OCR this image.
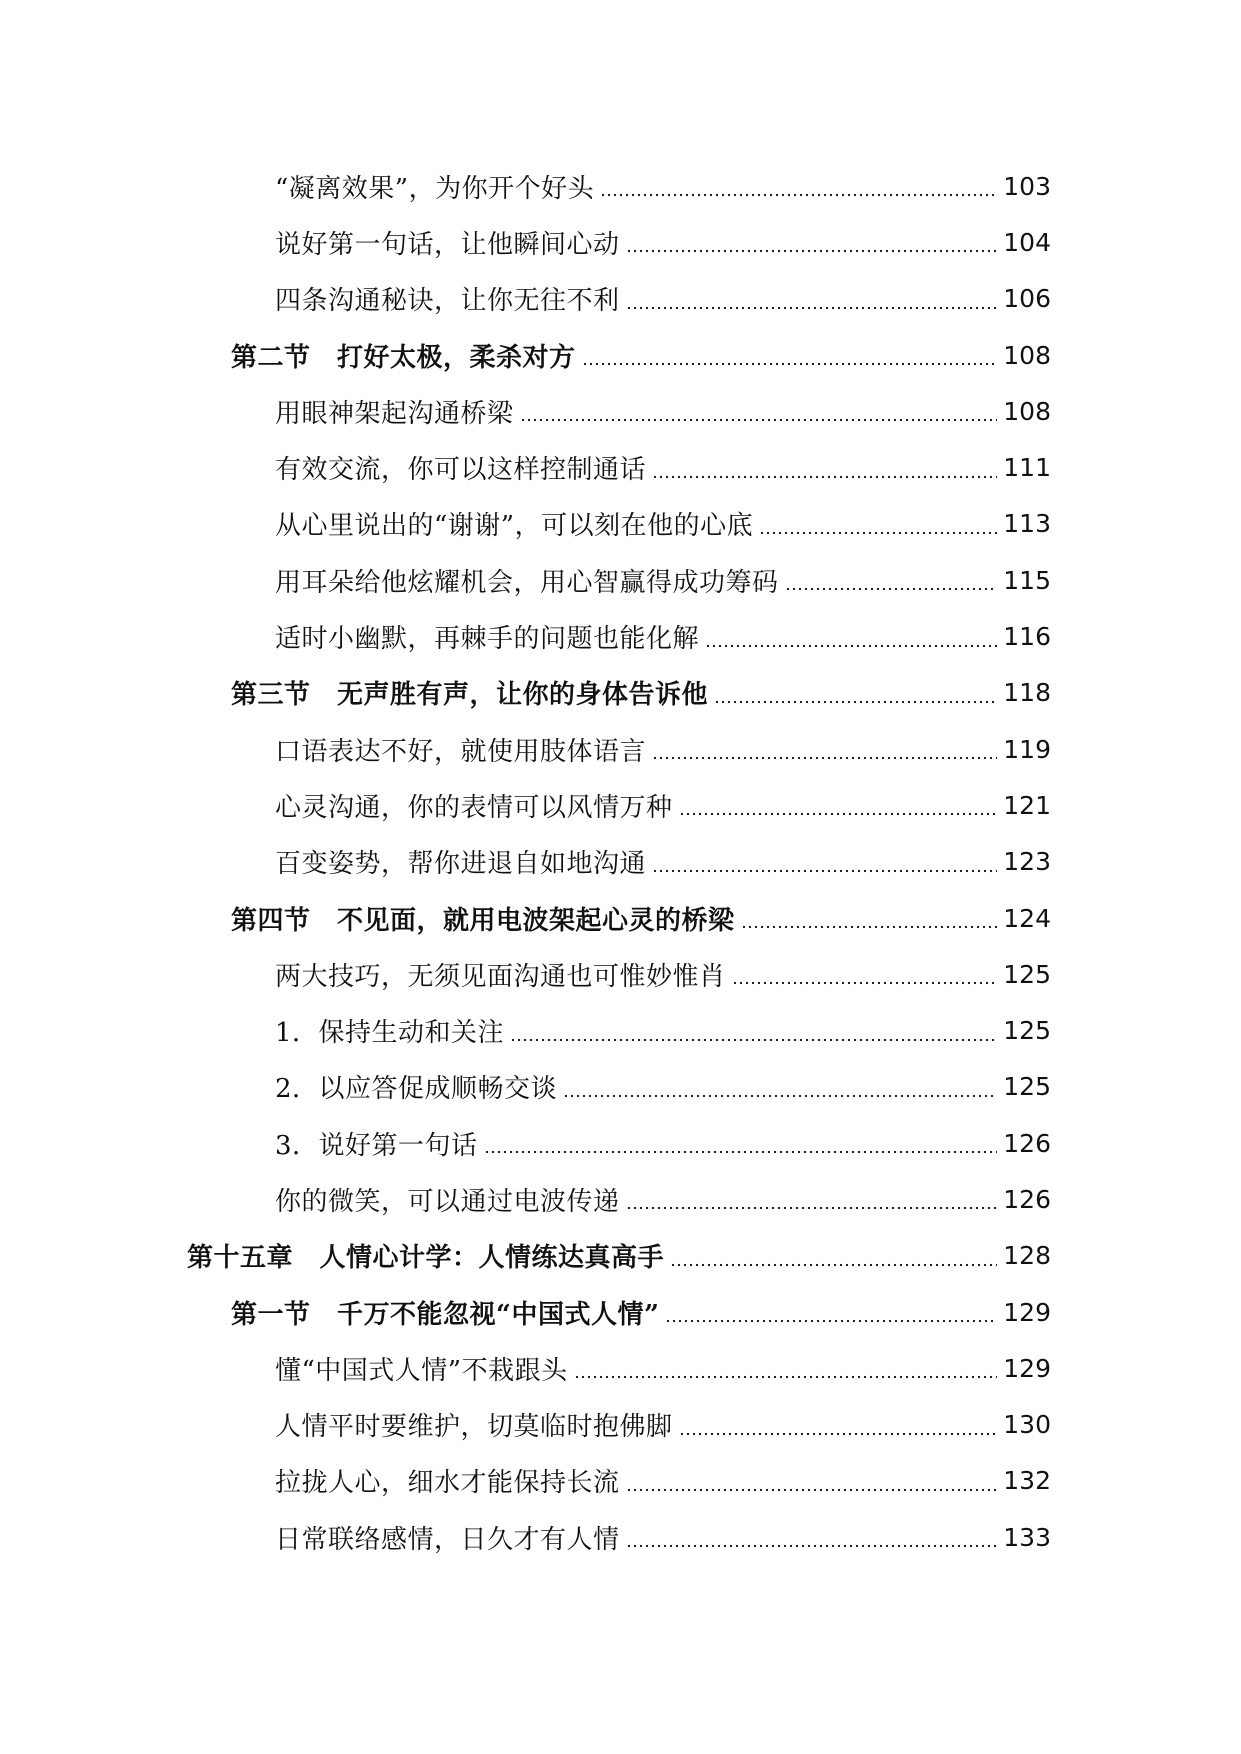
“凝离效果”，为你开个好头	103
说好第一句话，让他瞬间心动	104
四条沟通秘诀，让你无往不利	106
第二节　打好太极，柔杀对方	108
用眼神架起沟通桥梁	108
有效交流，你可以这样控制通话	111
从心里说出的“谢谢”，可以刻在他的心底	113
用耳朵给他炫耀机会，用心智赢得成功筹码	115
适时小幽默，再棘手的问题也能化解	116
第三节　无声胜有声，让你的身体告诉他	118
口语表达不好，就使用肢体语言	119
心灵沟通，你的表情可以风情万种	121
百变姿势，帮你进退自如地沟通	123
第四节　不见面，就用电波架起心灵的桥梁	124
两大技巧，无须见面沟通也可惟妙惟肖	125
1．保持生动和关注	125
2．以应答促成顺畅交谈	125
3．说好第一句话	126
你的微笑，可以通过电波传递	126
第十五章　人情心计学：人情练达真高手	128
第一节　千万不能忽视“中国式人情”	129
懂“中国式人情”不栽跟头	129
人情平时要维护，切莫临时抱佛脚	130
拉拢人心，细水才能保持长流	132
日常联络感情，日久才有人情	133
